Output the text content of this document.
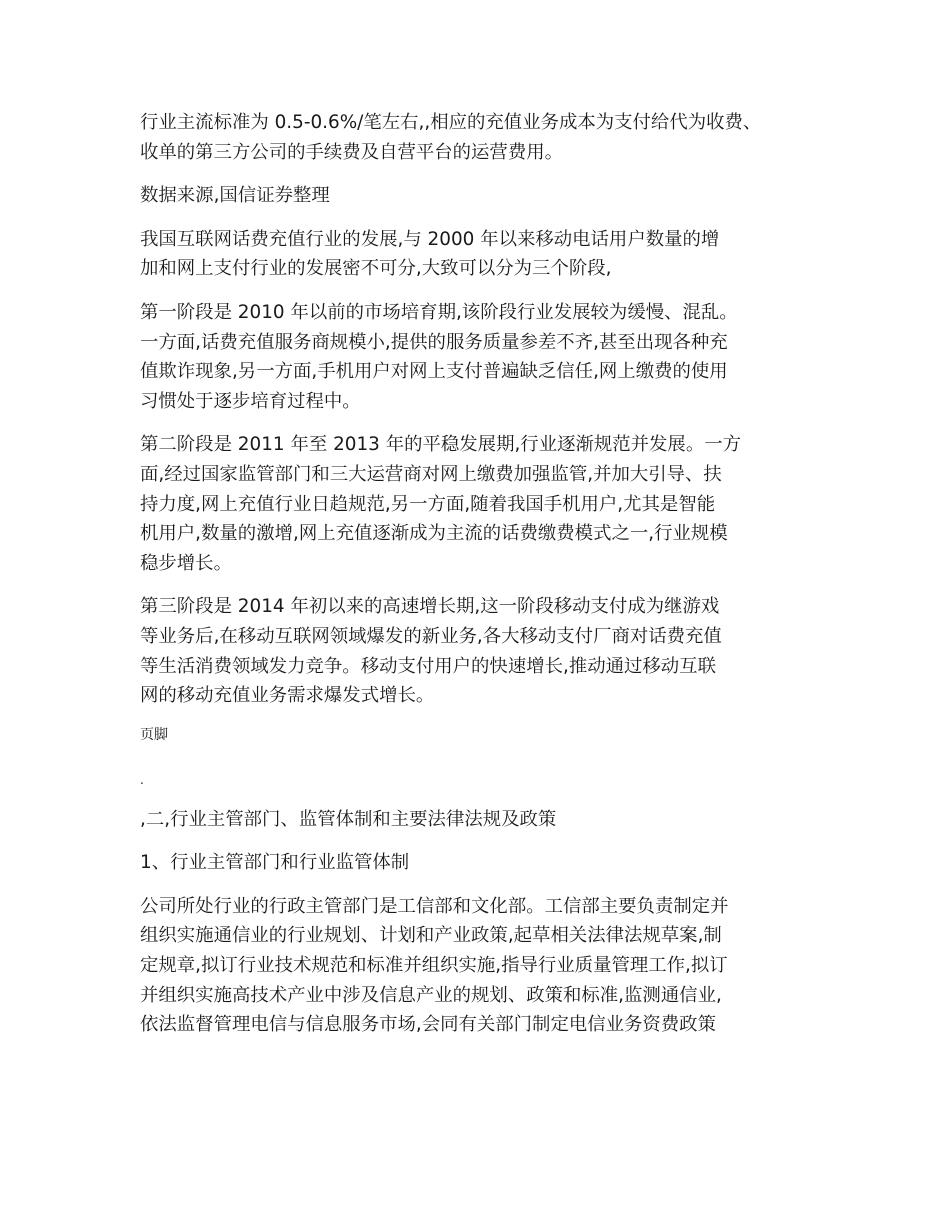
行业主流标准为 0.5-0.6%/笔左右,,相应的充值业务成本为支付给代为收费、
收单的第三方公司的手续费及自营平台的运营费用。

数据来源,国信证券整理

我国互联网话费充值行业的发展,与 2000 年以来移动电话用户数量的增
加和网上支付行业的发展密不可分,大致可以分为三个阶段,

第一阶段是 2010 年以前的市场培育期,该阶段行业发展较为缓慢、混乱。
一方面,话费充值服务商规模小,提供的服务质量参差不齐,甚至出现各种充
值欺诈现象,另一方面,手机用户对网上支付普遍缺乏信任,网上缴费的使用
习惯处于逐步培育过程中。

第二阶段是 2011 年至 2013 年的平稳发展期,行业逐渐规范并发展。一方
面,经过国家监管部门和三大运营商对网上缴费加强监管,并加大引导、扶
持力度,网上充值行业日趋规范,另一方面,随着我国手机用户,尤其是智能
机用户,数量的激增,网上充值逐渐成为主流的话费缴费模式之一,行业规模
稳步增长。

第三阶段是 2014 年初以来的高速增长期,这一阶段移动支付成为继游戏
等业务后,在移动互联网领域爆发的新业务,各大移动支付厂商对话费充值
等生活消费领域发力竞争。移动支付用户的快速增长,推动通过移动互联
网的移动充值业务需求爆发式增长。

页脚

.

,二,行业主管部门、监管体制和主要法律法规及政策

1、行业主管部门和行业监管体制

公司所处行业的行政主管部门是工信部和文化部。工信部主要负责制定并
组织实施通信业的行业规划、计划和产业政策,起草相关法律法规草案,制
定规章,拟订行业技术规范和标准并组织实施,指导行业质量管理工作,拟订
并组织实施高技术产业中涉及信息产业的规划、政策和标准,监测通信业,
依法监督管理电信与信息服务市场,会同有关部门制定电信业务资费政策
